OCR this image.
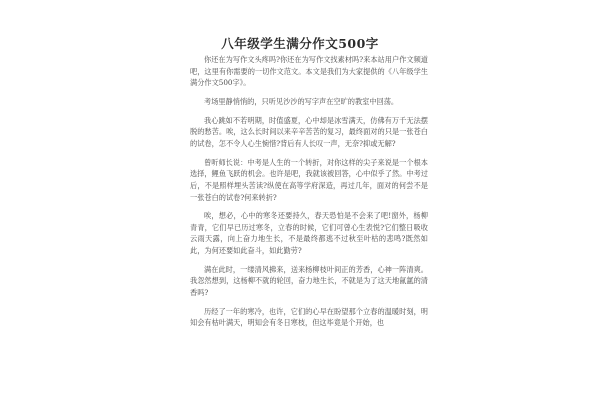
八年级学生满分作文500字

你还在为写作文头疼吗?你还在为写作文找素材吗?来本站用户作文频道吧，这里有你需要的一切作文范文。本文是我们为大家提供的《八年级学生满分作文500字》。

考场里静悄悄的，只听见沙沙的写字声在空旷的教室中回荡。

我心跳如不若明期，时值盛夏，心中却是冰雪满天，仿佛有万千无法摆脱的愁苦。唉，这么长时间以来辛辛苦苦的复习，最终面对的只是一张苍白的试卷，怎不令人心生惋惜?背后有人长叹一声，无奈?抑或无解?

曾听师长说：中考是人生的一个转折，对你这样的尖子来说是一个根本选择，鲤鱼飞跃的机会。也许是吧，我就该被回答，心中似乎了然。中考过后，不是照样埋头苦读?纵使在高等学府深造，再过几年，面对的何尝不是一张苍白的试卷?何来转折?

唉，想必，心中的寒冬还要持久，春天恐怕是不会来了吧!窗外，杨柳青青，它们早已历过寒冬，立春的时候，它们可曾心生表悦?它们整日吸收云雨天露，向上奋力地生长，不是最终都逃不过秋至叶枯的悲鸣?既然如此，为何还要如此奋斗，如此勤劳?

满在此时，一缕清风拂来，送来杨柳枝叶间正的芳香，心神一阵清爽。我忽然想到，这杨柳不就的轮回，奋力地生长，不就是为了这天地氤氲的清香吗?

历经了一年的寒冷，也许，它们的心早在盼望那个立春的温暖时刻，明知会有枯叶满天，明知会有冬日寒枝，但这毕竟是个开始，也
